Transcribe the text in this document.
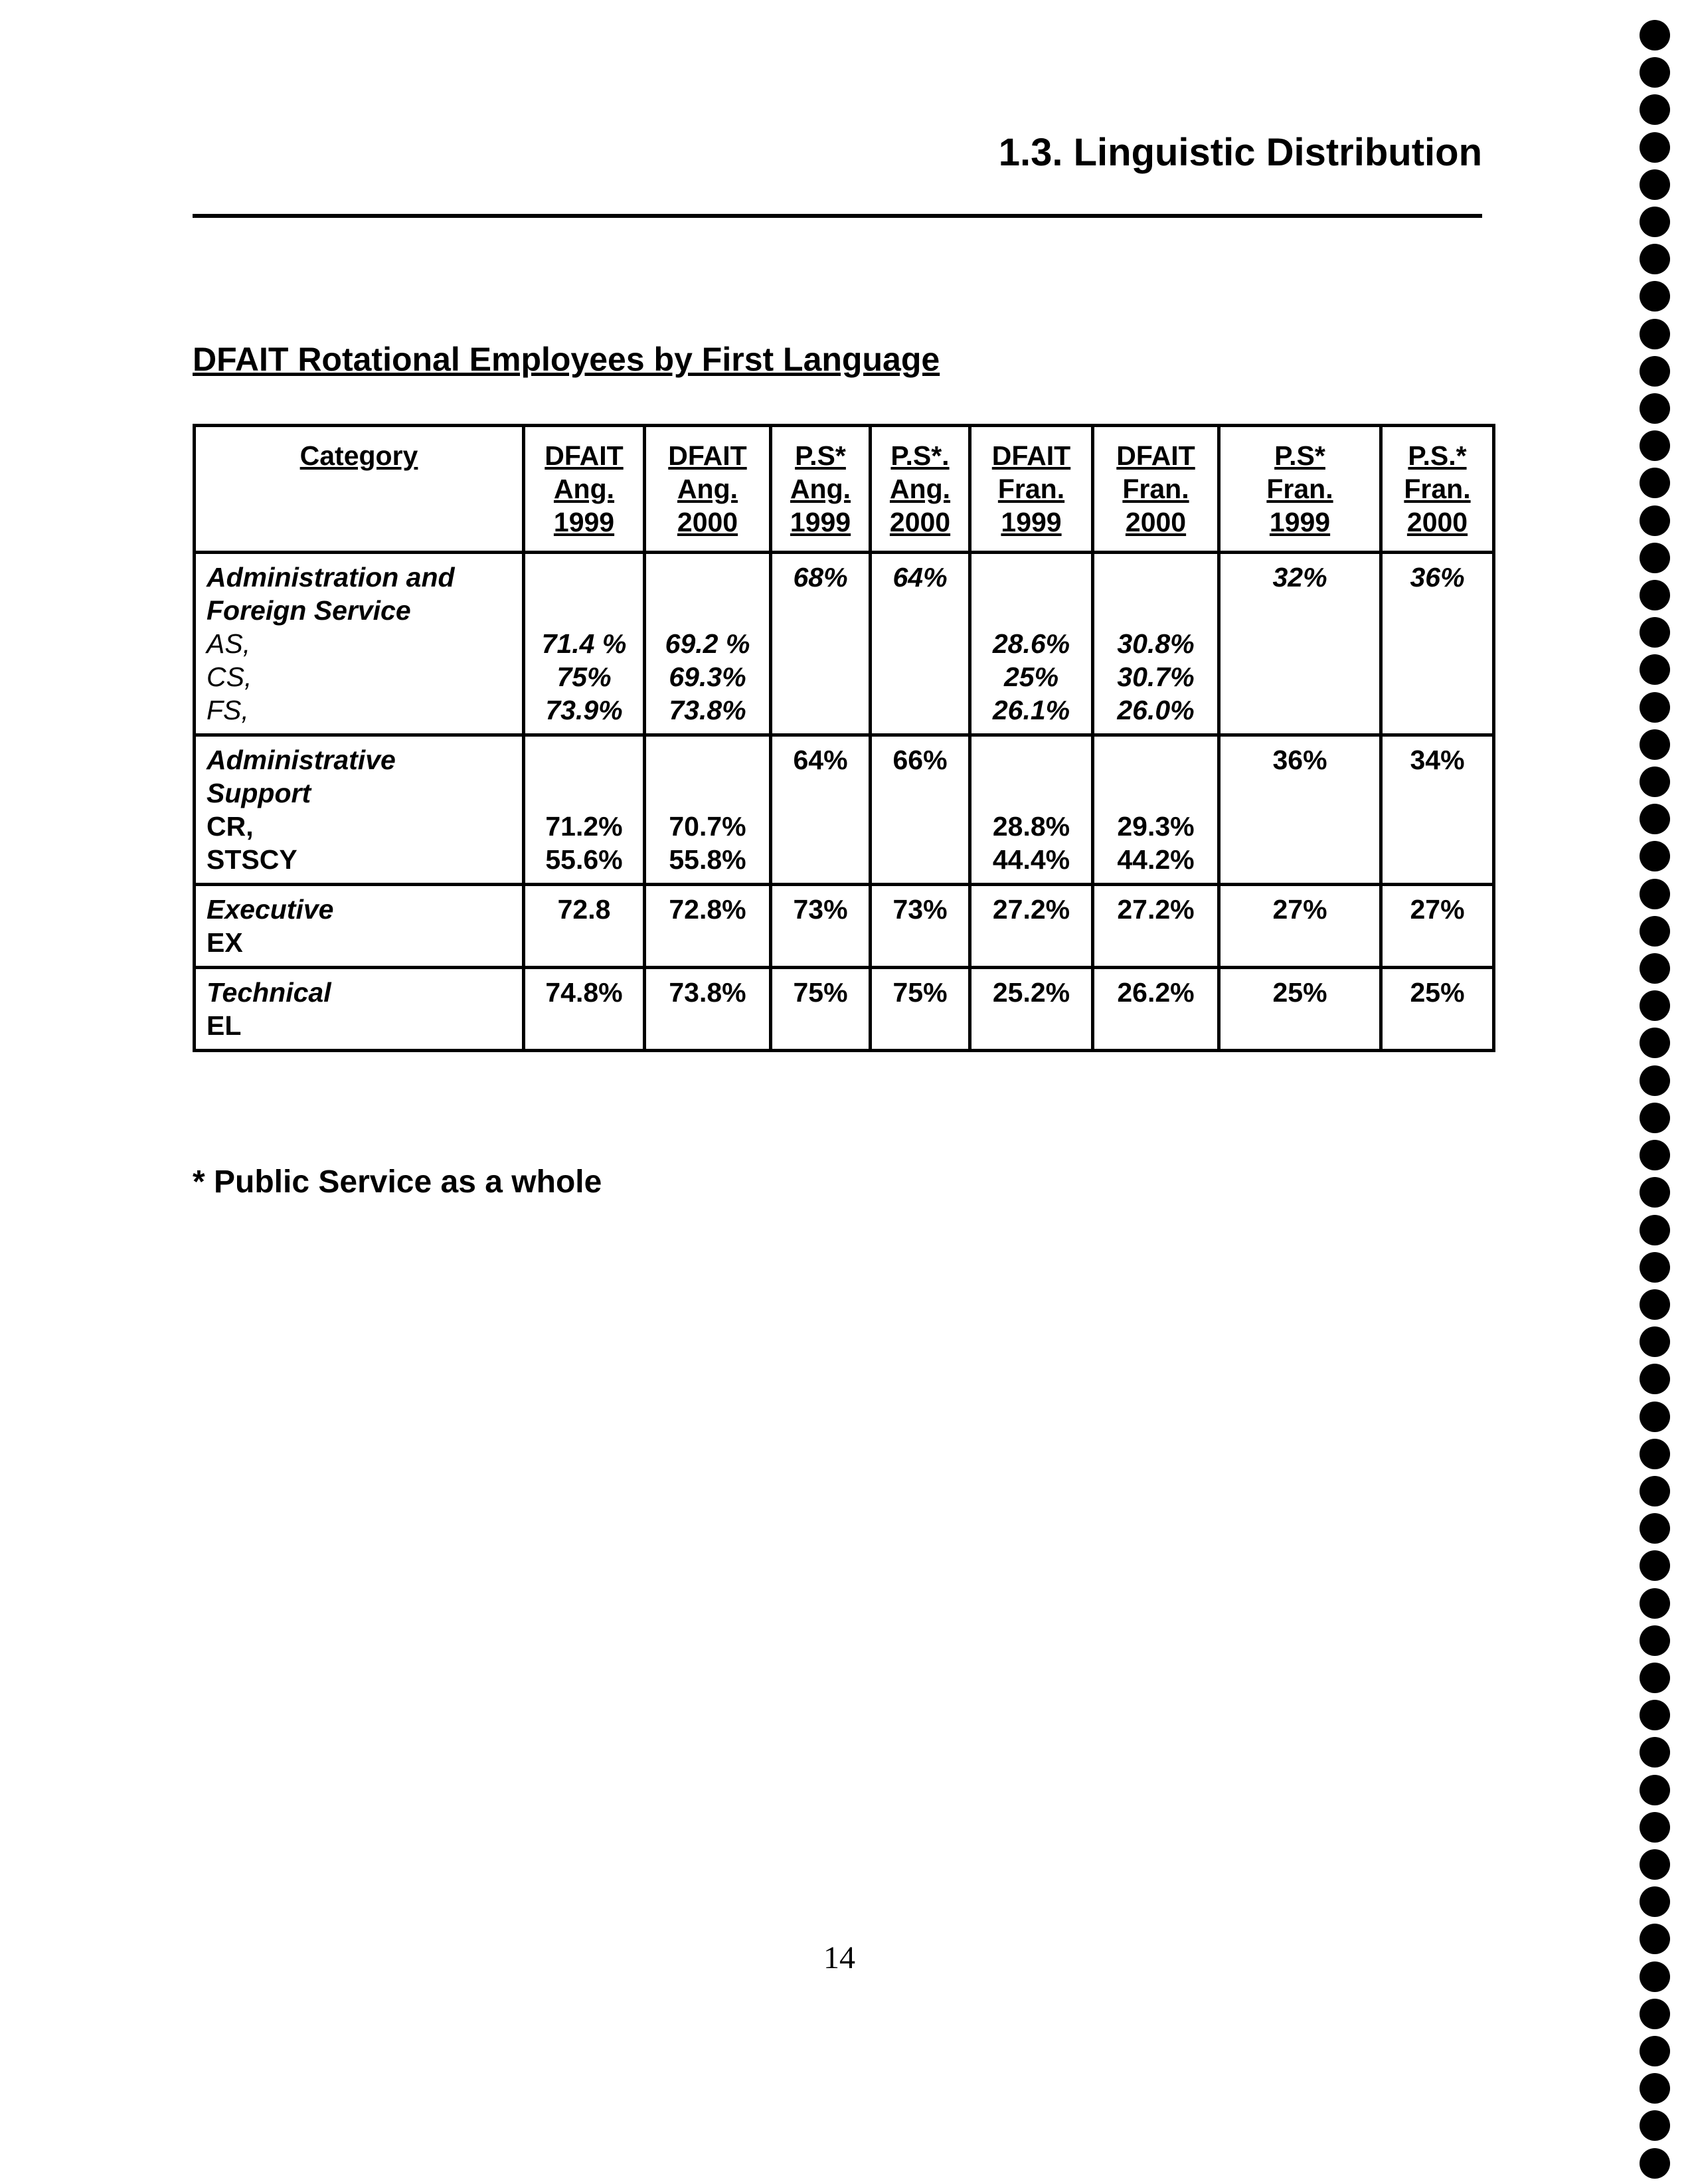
1.3. Linguistic Distribution
DFAIT Rotational Employees by First Language
Category	DFAIT
Ang.
1999	DFAIT
Ang.
2000	P.S*
Ang.
1999	P.S*.
Ang.
2000	DFAIT
Fran.
1999	DFAIT
Fran.
2000	P.S*
Fran.
1999	P.S.*
Fran.
2000

Administration and
Foreign Service
AS,
CS,
FS,	71.4 %
75%
73.9%	69.2 %
69.3%
73.8%	68%	64%	28.6%
25%
26.1%	30.8%
30.7%
26.0%	32%	36%

Administrative
Support
CR,
STSCY	71.2%
55.6%	70.7%
55.8%	64%	66%	28.8%
44.4%	29.3%
44.2%	36%	34%

Executive
EX	72.8	72.8%	73%	73%	27.2%	27.2%	27%	27%

Technical
EL	74.8%	73.8%	75%	75%	25.2%	26.2%	25%	25%
* Public Service as a whole
14
